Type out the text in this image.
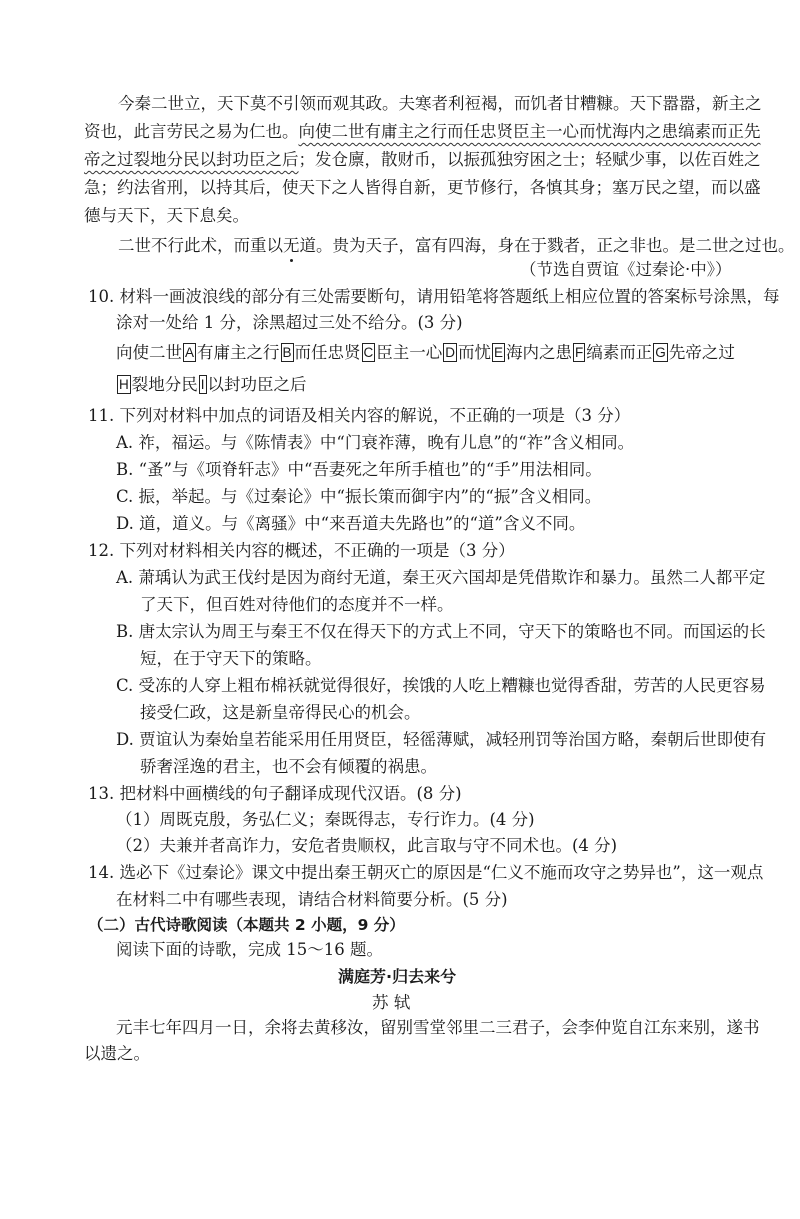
今秦二世立，天下莫不引领而观其政。夫寒者利裋褐，而饥者甘糟糠。天下嚣嚣，新主之
资也，此言劳民之易为仁也。向使二世有庸主之行而任忠贤臣主一心而忧海内之患缟素而正先
帝之过裂地分民以封功臣之后；发仓廪，散财币，以振孤独穷困之士；轻赋少事，以佐百姓之
急；约法省刑，以持其后，使天下之人皆得自新，更节修行，各慎其身；塞万民之望，而以盛
德与天下，天下息矣。
二世不行此术，而重以无道。贵为天子，富有四海，身在于戮者，正之非也。是二世之过也。
（节选自贾谊《过秦论·中》）
10. 材料一画波浪线的部分有三处需要断句，请用铅笔将答题纸上相应位置的答案标号涂黑，每
涂对一处给 1 分，涂黑超过三处不给分。(3 分)
向使二世 A 有庸主之行 B 而任忠贤 C 臣主一心 D 而忧 E 海内之患 F 缟素而正 G 先帝之过
H 裂地分民 I 以封功臣之后
11. 下列对材料中加点的词语及相关内容的解说，不正确的一项是（3 分）
A. 祚，福运。与《陈情表》中“门衰祚薄，晚有儿息”的“祚”含义相同。
B. “蚤”与《项脊轩志》中“吾妻死之年所手植也”的“手”用法相同。
C. 振，举起。与《过秦论》中“振长策而御宇内”的“振”含义相同。
D. 道，道义。与《离骚》中“来吾道夫先路也”的“道”含义不同。
12. 下列对材料相关内容的概述，不正确的一项是（3 分）
A. 萧瑀认为武王伐纣是因为商纣无道，秦王灭六国却是凭借欺诈和暴力。虽然二人都平定
了天下，但百姓对待他们的态度并不一样。
B. 唐太宗认为周王与秦王不仅在得天下的方式上不同，守天下的策略也不同。而国运的长
短，在于守天下的策略。
C. 受冻的人穿上粗布棉袄就觉得很好，挨饿的人吃上糟糠也觉得香甜，劳苦的人民更容易
接受仁政，这是新皇帝得民心的机会。
D. 贾谊认为秦始皇若能采用任用贤臣，轻徭薄赋，减轻刑罚等治国方略，秦朝后世即使有
骄奢淫逸的君主，也不会有倾覆的祸患。
13. 把材料中画横线的句子翻译成现代汉语。(8 分)
（1）周既克殷，务弘仁义；秦既得志，专行诈力。(4 分)
（2）夫兼并者高诈力，安危者贵顺权，此言取与守不同术也。(4 分)
14. 选必下《过秦论》课文中提出秦王朝灭亡的原因是“仁义不施而攻守之势异也”，这一观点
在材料二中有哪些表现，请结合材料简要分析。(5 分)
（二）古代诗歌阅读（本题共 2 小题，9 分）
阅读下面的诗歌，完成 15～16 题。
满庭芳·归去来兮
苏 轼
元丰七年四月一日，余将去黄移汝，留别雪堂邻里二三君子，会李仲览自江东来别，遂书
以遗之。
